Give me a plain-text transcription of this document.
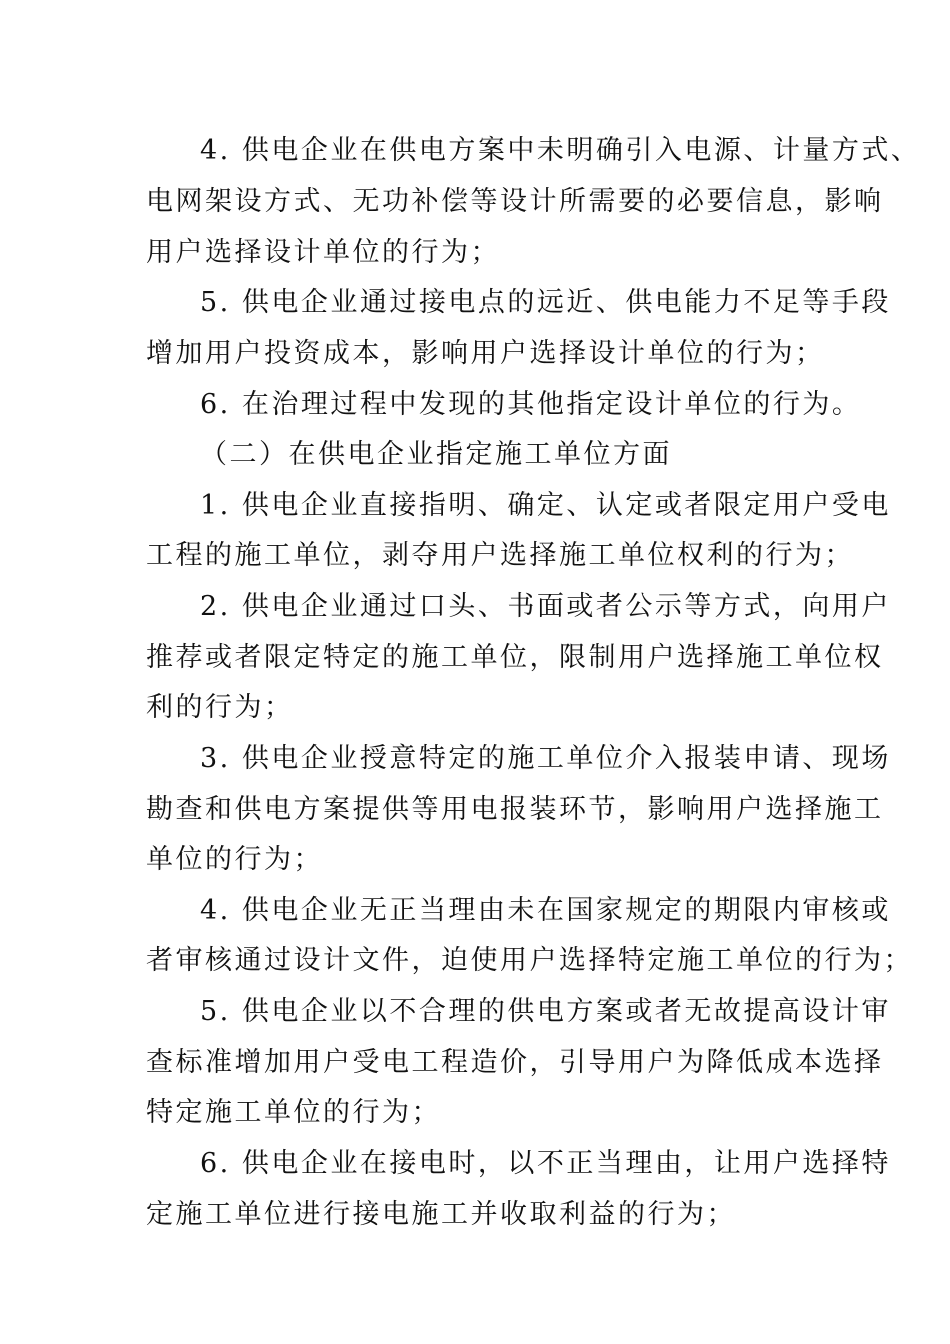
4. 供电企业在供电方案中未明确引入电源、计量方式、
电网架设方式、无功补偿等设计所需要的必要信息，影响
用户选择设计单位的行为；
5. 供电企业通过接电点的远近、供电能力不足等手段
增加用户投资成本，影响用户选择设计单位的行为；
6. 在治理过程中发现的其他指定设计单位的行为。
（二）在供电企业指定施工单位方面
1. 供电企业直接指明、确定、认定或者限定用户受电
工程的施工单位，剥夺用户选择施工单位权利的行为；
2. 供电企业通过口头、书面或者公示等方式，向用户
推荐或者限定特定的施工单位，限制用户选择施工单位权
利的行为；
3. 供电企业授意特定的施工单位介入报装申请、现场
勘查和供电方案提供等用电报装环节，影响用户选择施工
单位的行为；
4. 供电企业无正当理由未在国家规定的期限内审核或
者审核通过设计文件，迫使用户选择特定施工单位的行为；
5. 供电企业以不合理的供电方案或者无故提高设计审
查标准增加用户受电工程造价，引导用户为降低成本选择
特定施工单位的行为；
6. 供电企业在接电时，以不正当理由，让用户选择特
定施工单位进行接电施工并收取利益的行为；
